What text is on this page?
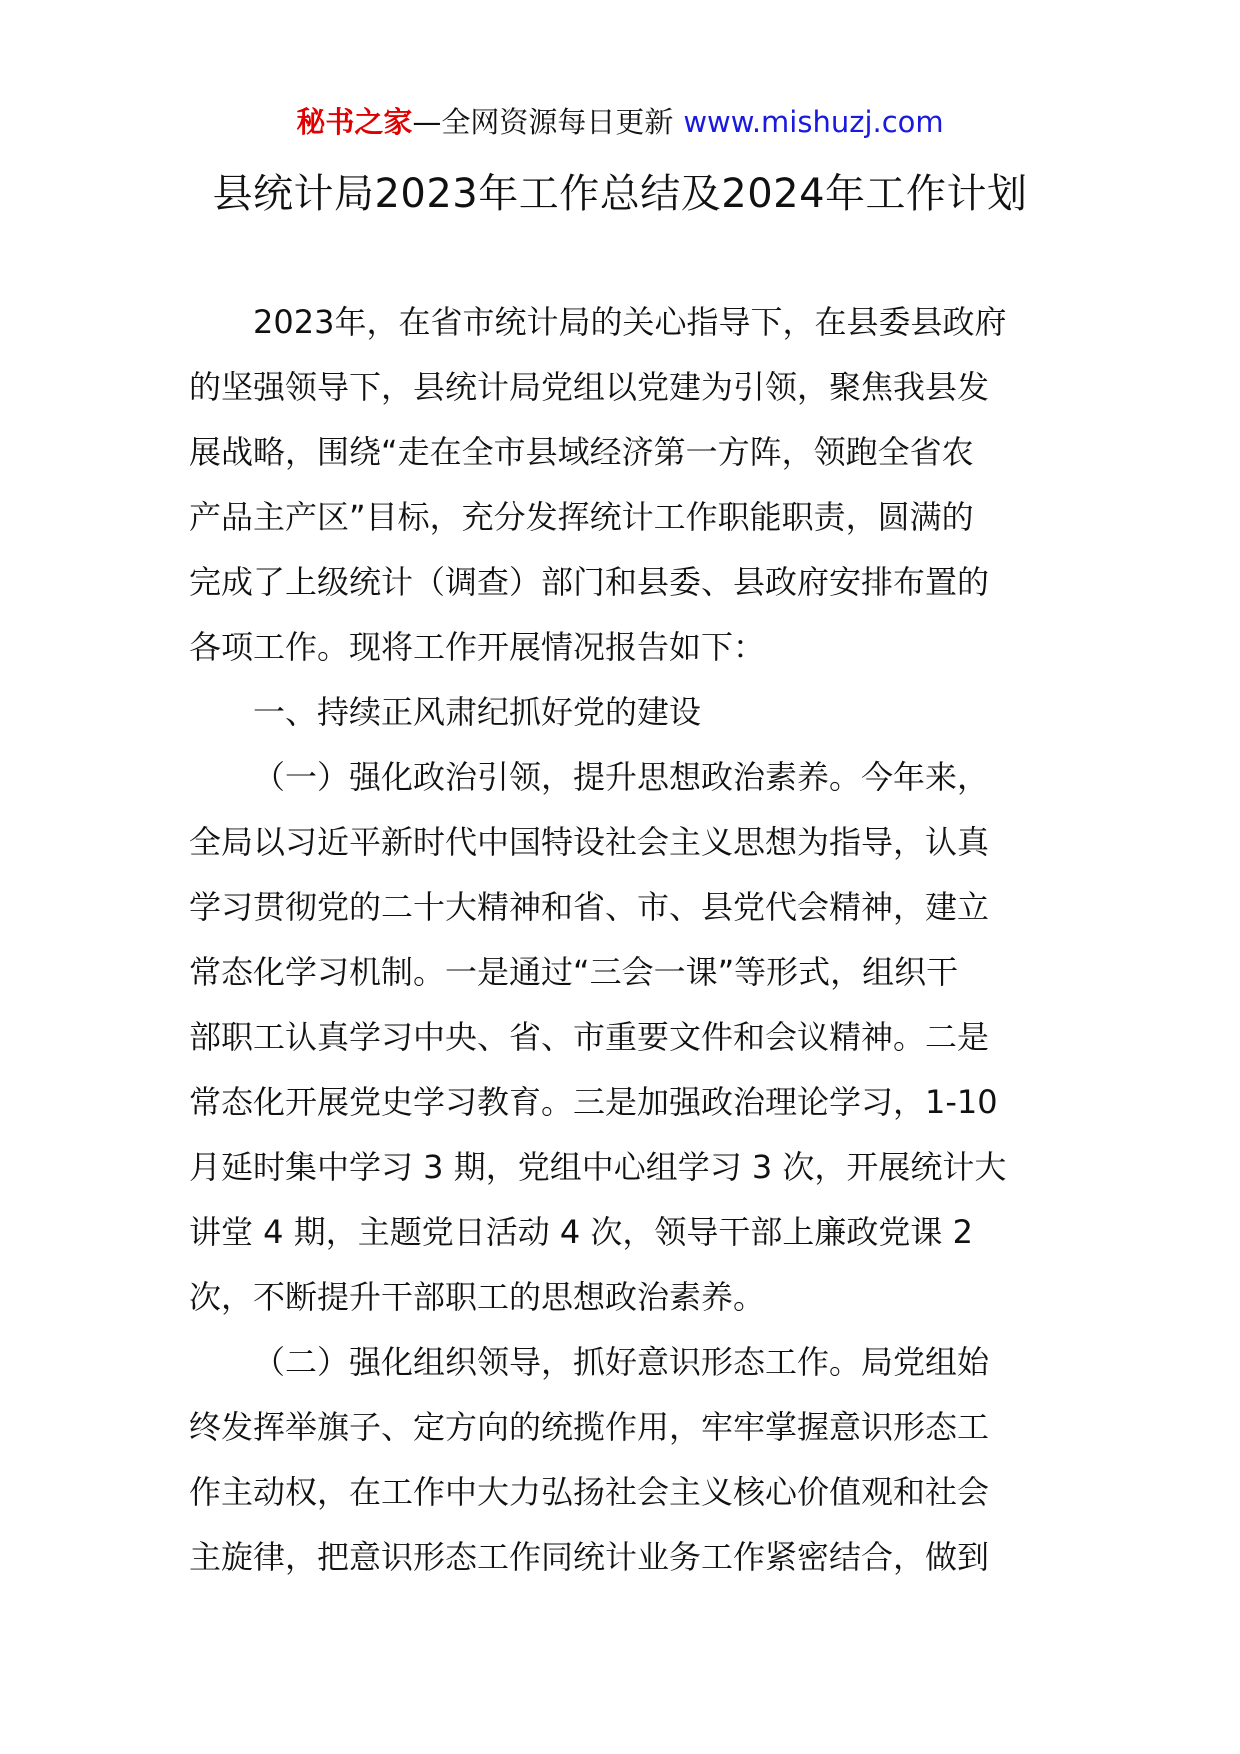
秘书之家—全网资源每日更新 www.mishuzj.com
县统计局2023年工作总结及2024年工作计划
2023年，在省市统计局的关心指导下，在县委县政府
的坚强领导下，县统计局党组以党建为引领，聚焦我县发
展战略，围绕“走在全市县域经济第一方阵，领跑全省农
产品主产区”目标，充分发挥统计工作职能职责，圆满的
完成了上级统计（调查）部门和县委、县政府安排布置的
各项工作。现将工作开展情况报告如下：
一、持续正风肃纪抓好党的建设
（一）强化政治引领，提升思想政治素养。今年来，
全局以习近平新时代中国特设社会主义思想为指导，认真
学习贯彻党的二十大精神和省、市、县党代会精神，建立
常态化学习机制。一是通过“三会一课”等形式，组织干
部职工认真学习中央、省、市重要文件和会议精神。二是
常态化开展党史学习教育。三是加强政治理论学习，1-10
月延时集中学习 3 期，党组中心组学习 3 次，开展统计大
讲堂 4 期，主题党日活动 4 次，领导干部上廉政党课 2
次，不断提升干部职工的思想政治素养。
（二）强化组织领导，抓好意识形态工作。局党组始
终发挥举旗子、定方向的统揽作用，牢牢掌握意识形态工
作主动权，在工作中大力弘扬社会主义核心价值观和社会
主旋律，把意识形态工作同统计业务工作紧密结合，做到
